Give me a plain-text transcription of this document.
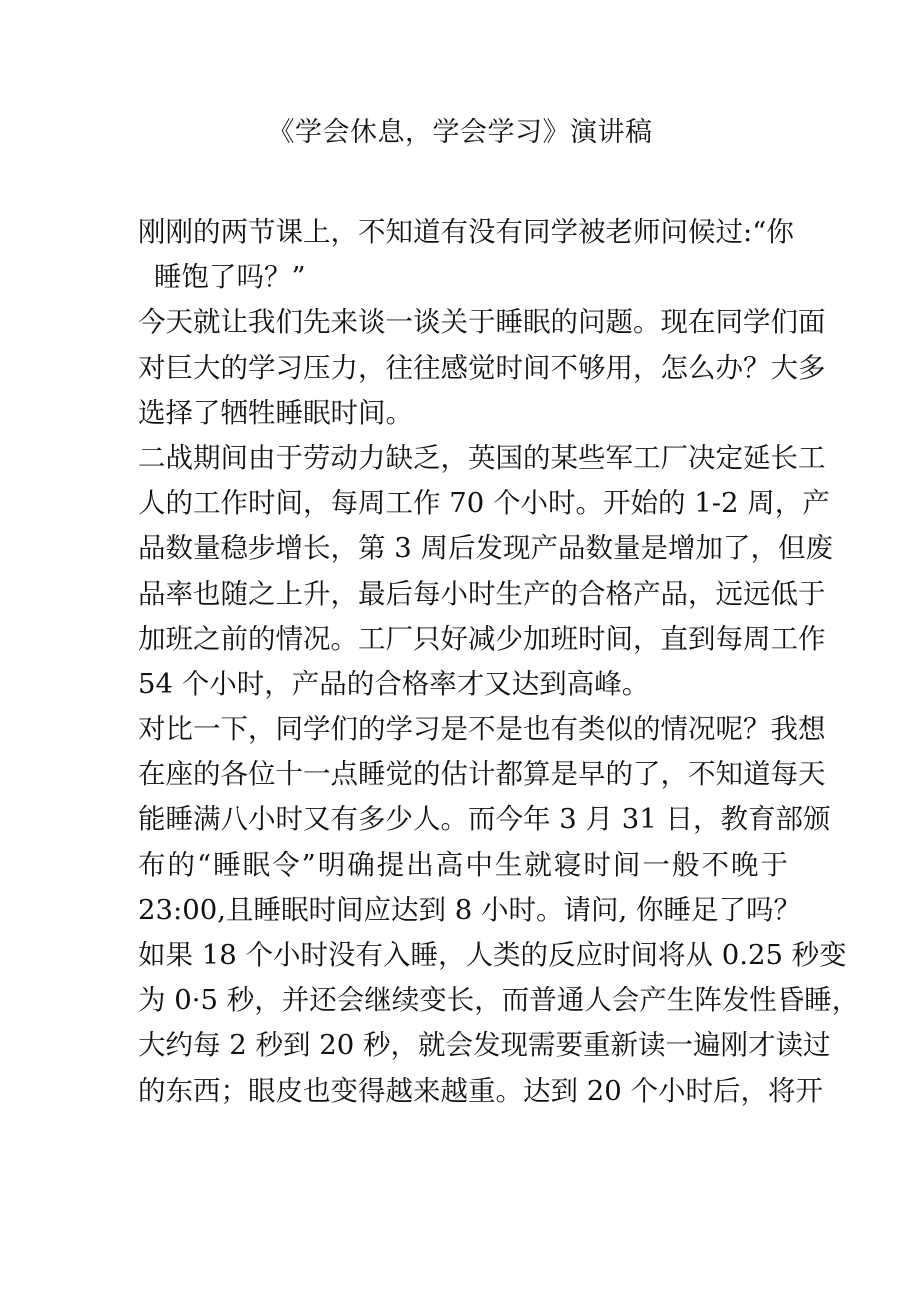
《学会休息，学会学习》演讲稿
刚刚的两节课上，不知道有没有同学被老师问候过:“你
睡饱了吗？”
今天就让我们先来谈一谈关于睡眠的问题。现在同学们面
对巨大的学习压力，往往感觉时间不够用，怎么办？大多
选择了牺牲睡眠时间。
二战期间由于劳动力缺乏，英国的某些军工厂决定延长工
人的工作时间，每周工作 70 个小时。开始的 1-2 周，产
品数量稳步增长，第 3 周后发现产品数量是增加了，但废
品率也随之上升，最后每小时生产的合格产品，远远低于
加班之前的情况。工厂只好减少加班时间，直到每周工作
54 个小时，产品的合格率才又达到高峰。
对比一下，同学们的学习是不是也有类似的情况呢？我想
在座的各位十一点睡觉的估计都算是早的了，不知道每天
能睡满八小时又有多少人。而今年 3 月 31 日，教育部颁
布的“睡眠令”明确提出高中生就寝时间一般不晚于
23:00,且睡眠时间应达到 8 小时。请问, 你睡足了吗？
如果 18 个小时没有入睡，人类的反应时间将从 0.25 秒变
为 0·5 秒，并还会继续变长，而普通人会产生阵发性昏睡，
大约每 2 秒到 20 秒，就会发现需要重新读一遍刚才读过
的东西；眼皮也变得越来越重。达到 20 个小时后，将开
